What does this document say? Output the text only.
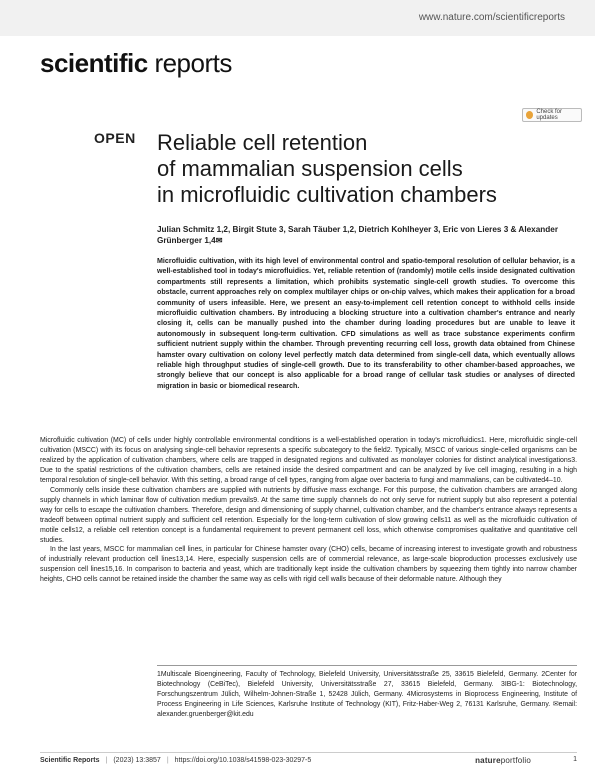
www.nature.com/scientificreports
scientific reports
OPEN
Check for updates
Reliable cell retention
of mammalian suspension cells
in microfluidic cultivation chambers
Julian Schmitz 1,2, Birgit Stute 3, Sarah Täuber 1,2, Dietrich Kohlheyer 3, Eric von Lieres 3 & Alexander Grünberger 1,4✉
Microfluidic cultivation, with its high level of environmental control and spatio-temporal resolution of cellular behavior, is a well-established tool in today's microfluidics. Yet, reliable retention of (randomly) motile cells inside designated cultivation compartments still represents a limitation, which prohibits systematic single-cell growth studies. To overcome this obstacle, current approaches rely on complex multilayer chips or on-chip valves, which makes their application for a broad community of users infeasible. Here, we present an easy-to-implement cell retention concept to withhold cells inside microfluidic cultivation chambers. By introducing a blocking structure into a cultivation chamber's entrance and nearly closing it, cells can be manually pushed into the chamber during loading procedures but are unable to leave it autonomously in subsequent long-term cultivation. CFD simulations as well as trace substance experiments confirm sufficient nutrient supply within the chamber. Through preventing recurring cell loss, growth data obtained from Chinese hamster ovary cultivation on colony level perfectly match data determined from single-cell data, which eventually allows reliable high throughput studies of single-cell growth. Due to its transferability to other chamber-based approaches, we strongly believe that our concept is also applicable for a broad range of cellular task studies or analyses of directed migration in basic or biomedical research.

Microfluidic cultivation (MC) of cells under highly controllable environmental conditions is a well-established operation in today's microfluidics1. Here, microfluidic single-cell cultivation (MSCC) with its focus on analysing single-cell behavior represents a specific subcategory to the field2. Typically, MSCC of various single-celled organisms can be realized by the application of cultivation chambers, where cells are trapped in designated regions and cultivated as monolayer colonies for distinct analytical investigations3. Due to the spatial restrictions of the cultivation chambers, cells are retained inside the desired compartment and can be analyzed by live cell imaging, resulting in a high temporal resolution of single-cell behavior. With this setting, a broad range of cell types, ranging from algae over bacteria to fungi and mammalians, can be cultivated4–10.

Commonly cells inside these cultivation chambers are supplied with nutrients by diffusive mass exchange. For this purpose, the cultivation chambers are arranged along supply channels in which laminar flow of cultivation medium prevails9. At the same time supply channels do not only serve for nutrient supply but also represent a potential way for cells to escape the cultivation chambers. Therefore, design and dimensioning of supply channel, cultivation chamber, and the chamber's entrance always represents a tradeoff between optimal nutrient supply and sufficient cell retention. Especially for the long-term cultivation of slow growing cells11 as well as the microfluidic cultivation of motile cells12, a reliable cell retention concept is a fundamental requirement to prevent permanent cell loss, which otherwise compromises qualitative and quantitative cell studies.

In the last years, MSCC for mammalian cell lines, in particular for Chinese hamster ovary (CHO) cells, became of increasing interest to investigate growth and robustness of industrially relevant production cell lines13,14. Here, especially suspension cells are of commercial relevance, as large-scale bioproduction processes exclusively use suspension cell lines15,16. In comparison to bacteria and yeast, which are traditionally kept inside the cultivation chambers by squeezing them tightly into narrow chamber heights, CHO cells cannot be retained inside the chamber the same way as cells with rigid cell walls because of their deformable nature. Although they

1Multiscale Bioengineering, Faculty of Technology, Bielefeld University, Universitätsstraße 25, 33615 Bielefeld, Germany. 2Center for Biotechnology (CeBiTec), Bielefeld University, Universitätsstraße 27, 33615 Bielefeld, Germany. 3IBG-1: Biotechnology, Forschungszentrum Jülich, Wilhelm-Johnen-Straße 1, 52428 Jülich, Germany. 4Microsystems in Bioprocess Engineering, Institute of Process Engineering in Life Sciences, Karlsruhe Institute of Technology (KIT), Fritz-Haber-Weg 2, 76131 Karlsruhe, Germany. ✉email: alexander.gruenberger@kit.edu
Scientific Reports | (2023) 13:3857 | https://doi.org/10.1038/s41598-023-30297-5	natureportfolio	1
